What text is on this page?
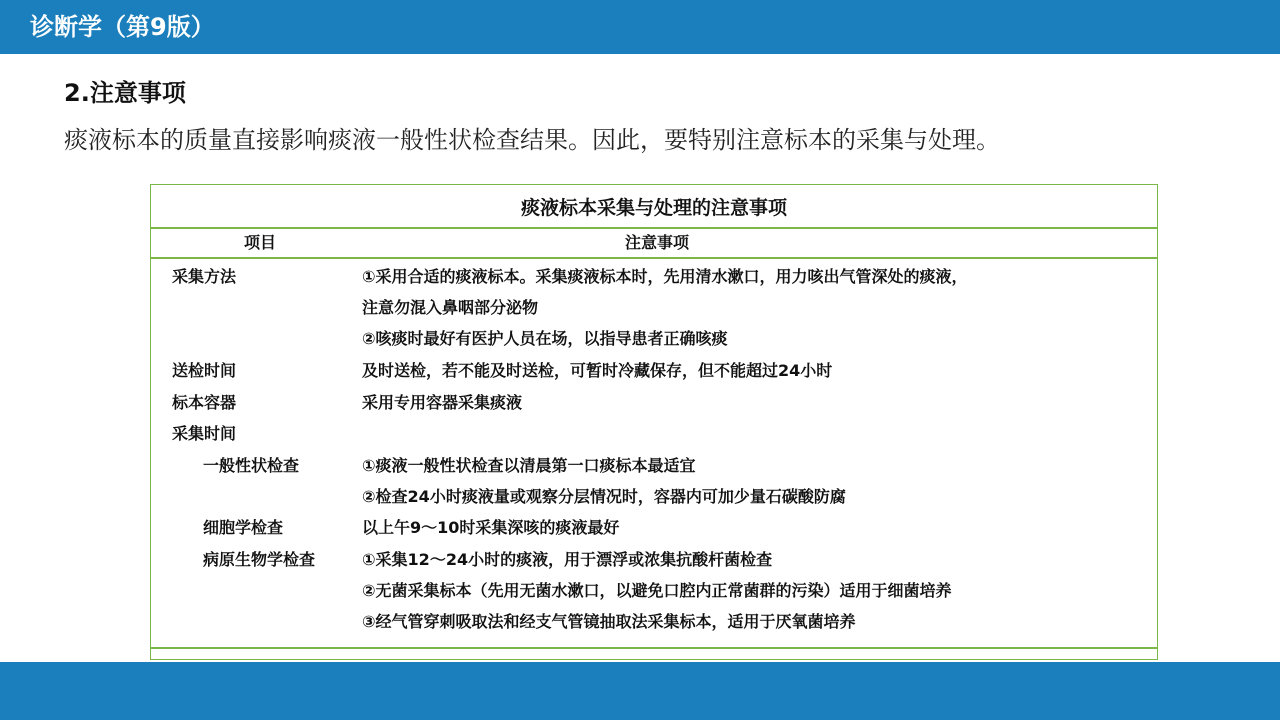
诊断学（第9版）
2.注意事项
痰液标本的质量直接影响痰液一般性状检查结果。因此，要特别注意标本的采集与处理。
痰液标本采集与处理的注意事项
项目	注意事项
采集方法	①采用合适的痰液标本。采集痰液标本时，先用清水漱口，用力咳出气管深处的痰液，
注意勿混入鼻咽部分泌物
②咳痰时最好有医护人员在场，以指导患者正确咳痰
送检时间	及时送检，若不能及时送检，可暂时冷藏保存，但不能超过24小时
标本容器	采用专用容器采集痰液
采集时间
一般性状检查	①痰液一般性状检查以清晨第一口痰标本最适宜
②检查24小时痰液量或观察分层情况时，容器内可加少量石碳酸防腐
细胞学检查	以上午9～10时采集深咳的痰液最好
病原生物学检查	①采集12～24小时的痰液，用于漂浮或浓集抗酸杆菌检查
②无菌采集标本（先用无菌水漱口，以避免口腔内正常菌群的污染）适用于细菌培养
③经气管穿刺吸取法和经支气管镜抽取法采集标本，适用于厌氧菌培养
